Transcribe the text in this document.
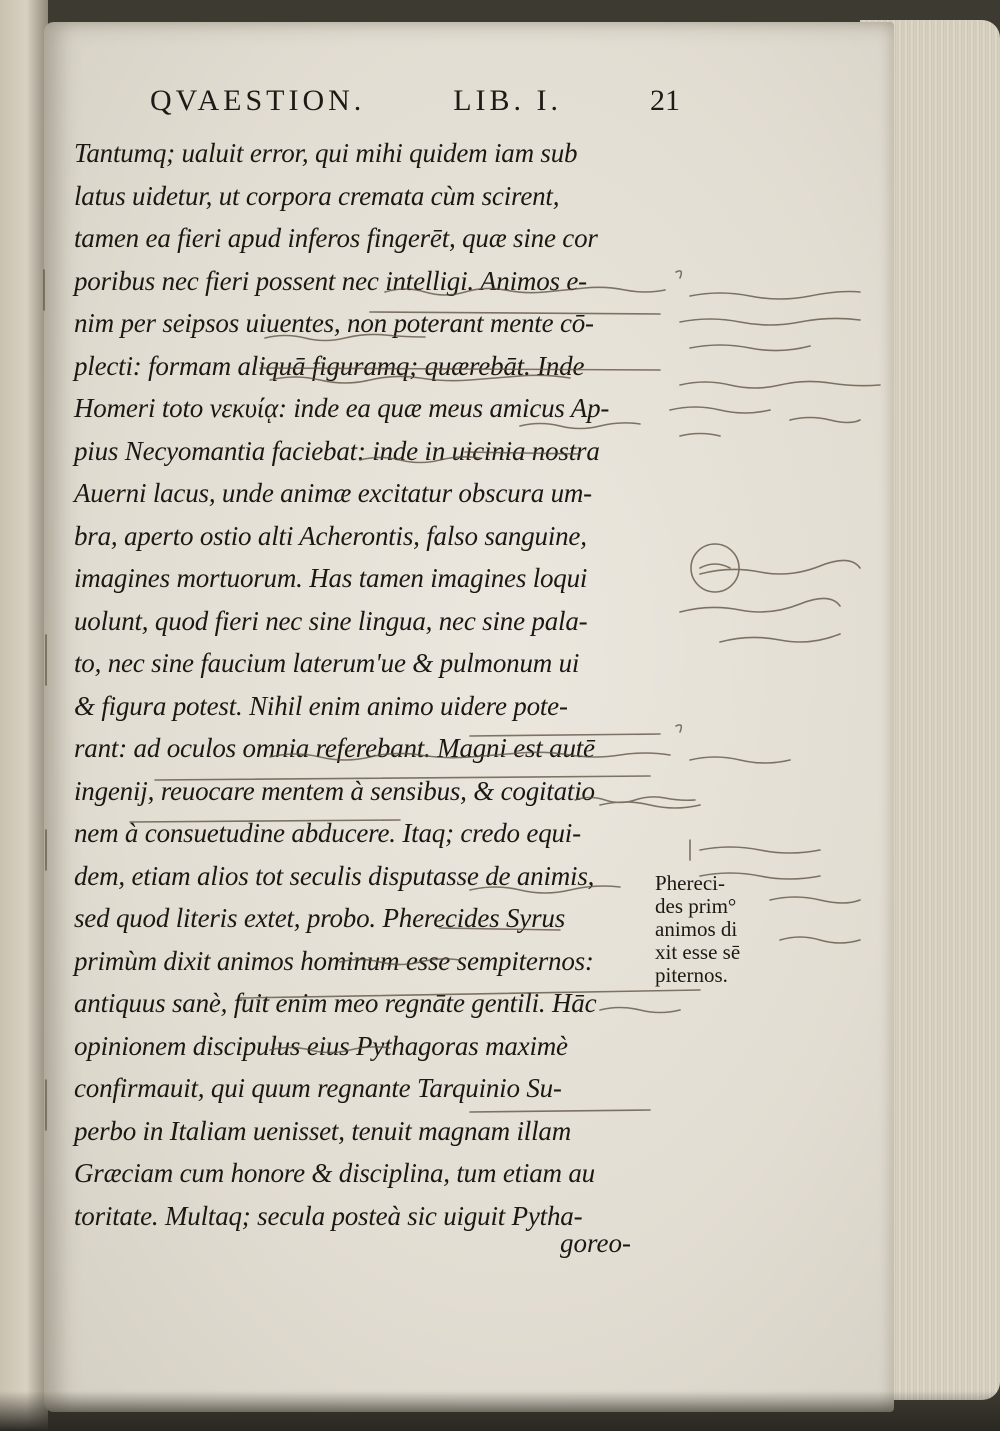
QVAESTION.	LIB. I.	21
Tantumq; ualuit error, qui mihi quidem iam sub
latus uidetur, ut corpora cremata cùm scirent,
tamen ea fieri apud inferos fingerēt, quæ sine cor
poribus nec fieri possent nec intelligi. Animos e-
nim per seipsos uiuentes, non poterant mente cō-
plecti: formam aliquā figuramq; quærebāt. Inde
Homeri toto νεκυίᾳ: inde ea quæ meus amicus Ap-
pius Necyomantia faciebat: inde in uicinia nostra
Auerni lacus, unde animæ excitatur obscura um-
bra, aperto ostio alti Acherontis, falso sanguine,
imagines mortuorum. Has tamen imagines loqui
uolunt, quod fieri nec sine lingua, nec sine pala-
to, nec sine faucium laterum'ue & pulmonum ui
& figura potest. Nihil enim animo uidere pote-
rant: ad oculos omnia referebant. Magni est autē
ingenij, reuocare mentem à sensibus, & cogitatio
nem à consuetudine abducere. Itaq; credo equi-
dem, etiam alios tot seculis disputasse de animis,
sed quod literis extet, probo. Pherecides Syrus
primùm dixit animos hominum esse sempiternos:
antiquus sanè, fuit enim meo regnāte gentili. Hāc
opinionem discipulus eius Pythagoras maximè
confirmauit, qui quum regnante Tarquinio Su-
perbo in Italiam uenisset, tenuit magnam illam
Græciam cum honore & disciplina, tum etiam au
toritate. Multaq; secula posteà sic uiguit Pytha-
goreo-
Phereci-
des prim°
animos di
xit esse sē
piternos.
